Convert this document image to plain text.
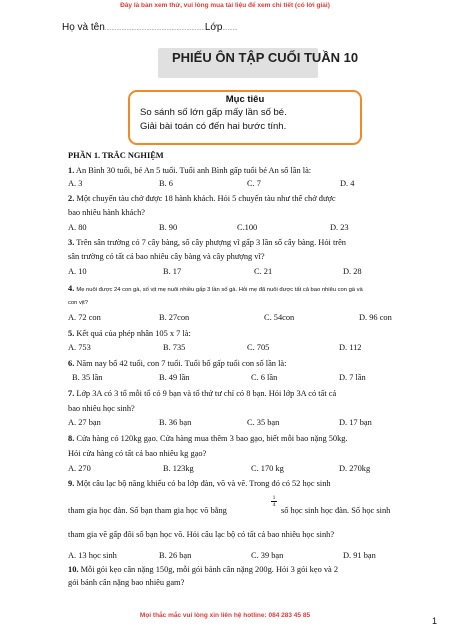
Đây là bản xem thử, vui lòng mua tài liệu để xem chi tiết (có lời giải)
Họ và tên……………………………………………………Lớp………
PHIẾU ÔN TẬP CUỐI TUẦN 10
Mục tiêu
So sánh số lớn gấp mấy lần số bé.
Giải bài toán có đến hai bước tính.
PHẦN 1. TRẮC NGHIỆM
1. An Bình 30 tuổi, bé An 5 tuổi. Tuổi anh Bình gấp tuổi bé An số lần là:
A. 3	B. 6	C. 7	D. 4
2. Một chuyến tàu chở được 18 hành khách. Hỏi 5 chuyến tàu như thế chở được
bao nhiêu hành khách?
A. 80	B. 90	C.100	D. 23
3. Trên sân trường có 7 cây bàng, số cây phượng vĩ gấp 3 lần số cây bàng. Hỏi trên
sân trường có tất cả bao nhiêu cây bàng và cây phượng vĩ?
A. 10	B. 17	C. 21	D. 28
4. Mẹ nuôi được 24 con gà, số vịt mẹ nuôi nhiều gấp 3 lần số gà. Hỏi mẹ đã nuôi được tất cả bao nhiêu con gà và
con vịt?
A. 72 con	B. 27con	C. 54con	D. 96 con
5. Kết quả của phép nhân 105 x 7 là:
A. 753	B. 735	C. 705	D. 112
6. Năm nay bố 42 tuổi, con 7 tuổi. Tuổi bố gấp tuổi con số lần là:
B. 35 lần	B. 49 lần	C. 6 lần	D. 7 lần
7. Lớp 3A có 3 tổ mỗi tổ có 9 bạn và tổ thứ tư chỉ có 8 bạn. Hỏi lớp 3A có tất cả
bao nhiêu học sinh?
A. 27 bạn	B. 36 bạn	C. 35 bạn	D. 17 bạn
8. Cửa hàng có 120kg gạo. Cửa hàng mua thêm 3 bao gạo, biết mỗi bao nặng 50kg.
Hỏi cửa hàng có tất cả bao nhiêu kg gạo?
A. 270	B. 123kg	C. 170 kg	D. 270kg
9. Một câu lạc bộ năng khiếu có ba lớp đàn, võ và vẽ. Trong đó có 52 học sinh
tham gia học đàn. Số bạn tham gia học võ bằng
$\frac{1}{4}$
số học sinh học đàn. Số học sinh
tham gia vẽ gấp đôi số bạn học võ. Hỏi câu lạc bộ có tất cả bao nhiêu học sinh?
A. 13 học sinh	B. 26 bạn	C. 39 bạn	D. 91 bạn
10. Mỗi gói kẹo cân nặng 150g, mỗi gói bánh cân nặng 200g. Hỏi 3 gói kẹo và 2
gói bánh cân nặng bao nhiêu gam?
Mọi thắc mắc vui lòng xin liên hệ hotline: 084 283 45 85
1
